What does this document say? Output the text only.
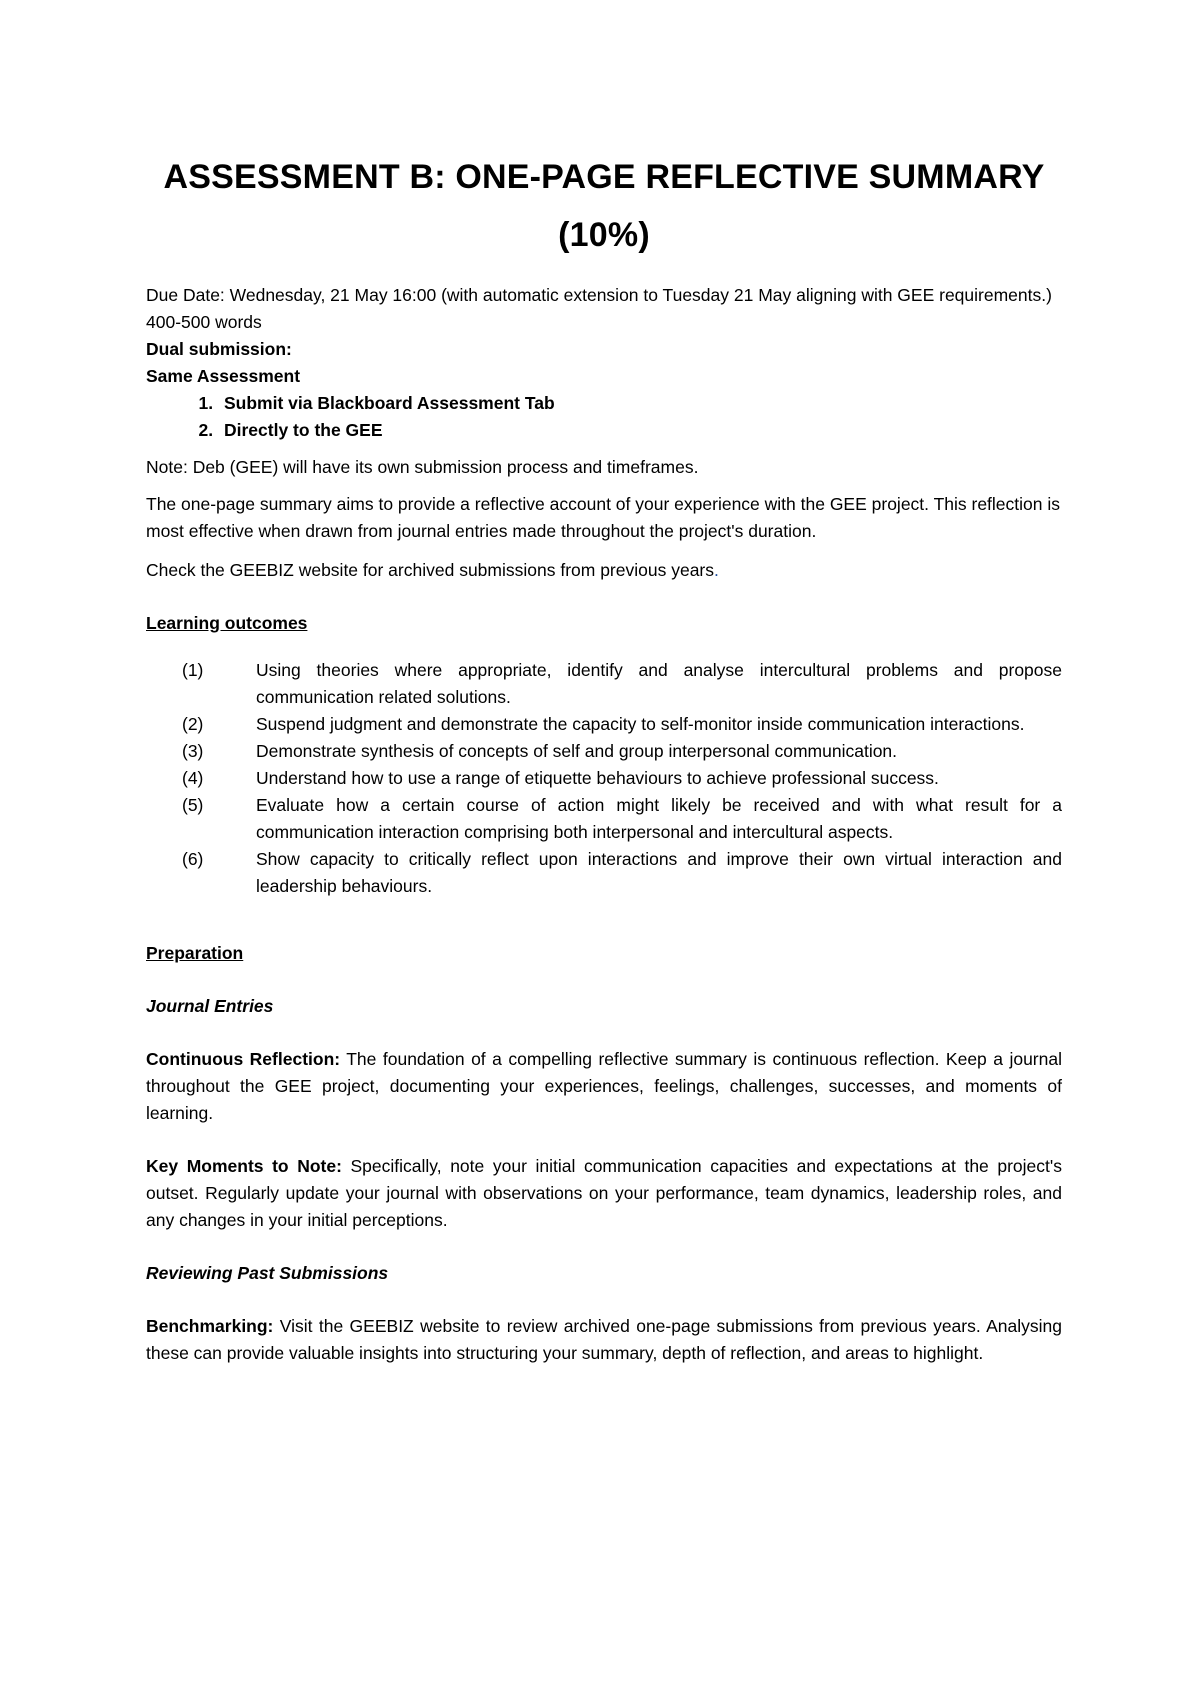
ASSESSMENT B: ONE-PAGE REFLECTIVE SUMMARY
(10%)
Due Date: Wednesday, 21 May 16:00 (with automatic extension to Tuesday 21 May aligning with GEE requirements.)
400-500 words
Dual submission:
Same Assessment
1. Submit via Blackboard Assessment Tab
2. Directly to the GEE

Note: Deb (GEE) will have its own submission process and timeframes.

The one-page summary aims to provide a reflective account of your experience with the GEE project. This reflection is most effective when drawn from journal entries made throughout the project's duration.

Check the GEEBIZ website for archived submissions from previous years.

Learning outcomes

(1)	Using theories where appropriate, identify and analyse intercultural problems and propose communication related solutions.
(2)	Suspend judgment and demonstrate the capacity to self-monitor inside communication interactions.
(3)	Demonstrate synthesis of concepts of self and group interpersonal communication.
(4)	Understand how to use a range of etiquette behaviours to achieve professional success.
(5)	Evaluate how a certain course of action might likely be received and with what result for a communication interaction comprising both interpersonal and intercultural aspects.
(6)	Show capacity to critically reflect upon interactions and improve their own virtual interaction and leadership behaviours.

Preparation

Journal Entries

Continuous Reflection: The foundation of a compelling reflective summary is continuous reflection. Keep a journal throughout the GEE project, documenting your experiences, feelings, challenges, successes, and moments of learning.

Key Moments to Note: Specifically, note your initial communication capacities and expectations at the project's outset. Regularly update your journal with observations on your performance, team dynamics, leadership roles, and any changes in your initial perceptions.

Reviewing Past Submissions

Benchmarking: Visit the GEEBIZ website to review archived one-page submissions from previous years. Analysing these can provide valuable insights into structuring your summary, depth of reflection, and areas to highlight.
